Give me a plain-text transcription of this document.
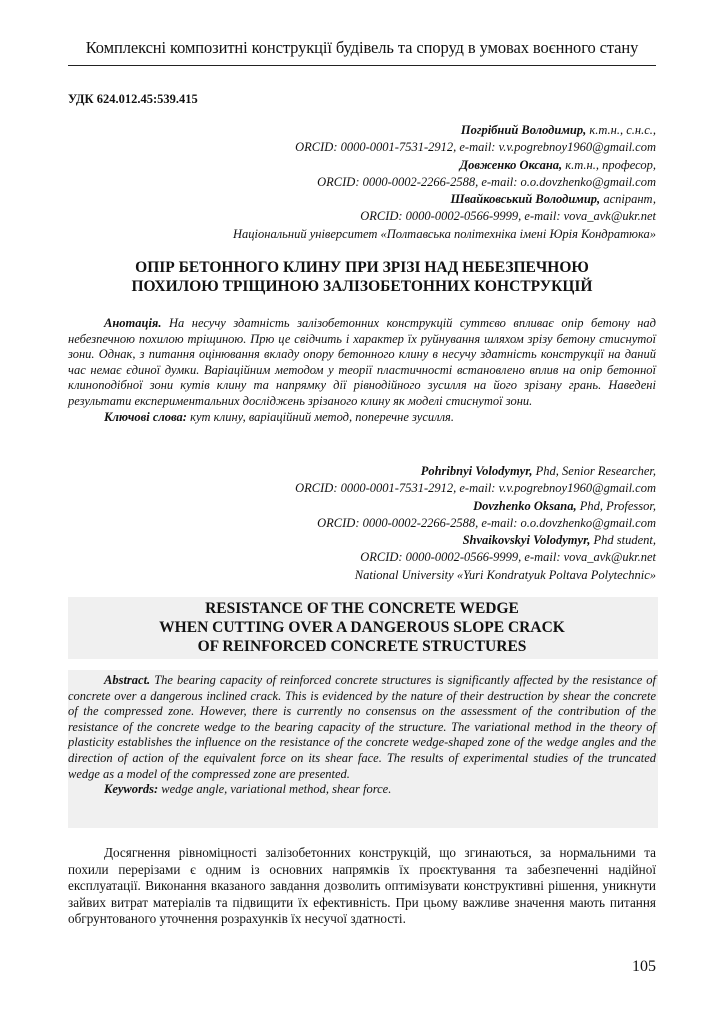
Комплексні композитні конструкції будівель та споруд в умовах воєнного стану
УДК 624.012.45:539.415
Погрібний Володимир, к.т.н., с.н.с.,
ORCID: 0000-0001-7531-2912, e-mail: v.v.pogrebnoy1960@gmail.com
Довженко Оксана, к.т.н., професор,
ORCID: 0000-0002-2266-2588, e-mail: o.o.dovzhenko@gmail.com
Швайковський Володимир, аспірант,
ORCID: 0000-0002-0566-9999, e-mail: vova_avk@ukr.net
Національний університет «Полтавська політехніка імені Юрія Кондратюка»
ОПІР БЕТОННОГО КЛИНУ ПРИ ЗРІЗІ НАД НЕБЕЗПЕЧНОЮ
ПОХИЛОЮ ТРІЩИНОЮ ЗАЛІЗОБЕТОННИХ КОНСТРУКЦІЙ
Анотація. На несучу здатність залізобетонних конструкцій суттєво впливає опір бетону над небезпечною похилою тріщиною. Прю це свідчить і характер їх руйнування шляхом зрізу бетону стиснутої зони. Однак, з питання оцінювання вкладу опору бетонного клину в несучу здатність конструкції на даний час немає єдиної думки. Варіаційним методом у теорії пластичності встановлено вплив на опір бетонної клиноподібної зони кутів клину та напрямку дії рівнодійного зусилля на його зрізану грань. Наведені результати експериментальних досліджень зрізаного клину як моделі стиснутої зони.
Ключові слова: кут клину, варіаційний метод, поперечне зусилля.
Pohribnyi Volodymyr, Phd, Senior Researcher,
ORCID: 0000-0001-7531-2912, e-mail: v.v.pogrebnoy1960@gmail.com
Dovzhenko Oksana, Phd, Professor,
ORCID: 0000-0002-2266-2588, e-mail: o.o.dovzhenko@gmail.com
Shvaikovskyi Volodymyr, Phd student,
ORCID: 0000-0002-0566-9999, e-mail: vova_avk@ukr.net
National University «Yuri Kondratyuk Poltava Polytechnic»
RESISTANCE OF THE CONCRETE WEDGE
WHEN CUTTING OVER A DANGEROUS SLOPE CRACK
OF REINFORCED CONCRETE STRUCTURES
Abstract. The bearing capacity of reinforced concrete structures is significantly affected by the resistance of concrete over a dangerous inclined crack. This is evidenced by the nature of their destruction by shear the concrete of the compressed zone. However, there is currently no consensus on the assessment of the contribution of the resistance of the concrete wedge to the bearing capacity of the structure. The variational method in the theory of plasticity establishes the influence on the resistance of the concrete wedge-shaped zone of the wedge angles and the direction of action of the equivalent force on its shear face. The results of experimental studies of the truncated wedge as a model of the compressed zone are presented.
Keywords: wedge angle, variational method, shear force.
Досягнення рівноміцності залізобетонних конструкцій, що згинаються, за нормальними та похили перерізами є одним із основних напрямків їх проєктування та забезпеченні надійної експлуатації. Виконання вказаного завдання дозволить оптимізувати конструктивні рішення, уникнути зайвих витрат матеріалів та підвищити їх ефективність. При цьому важливе значення мають питання обгрунтованого уточнення розрахунків їх несучої здатності.
105
